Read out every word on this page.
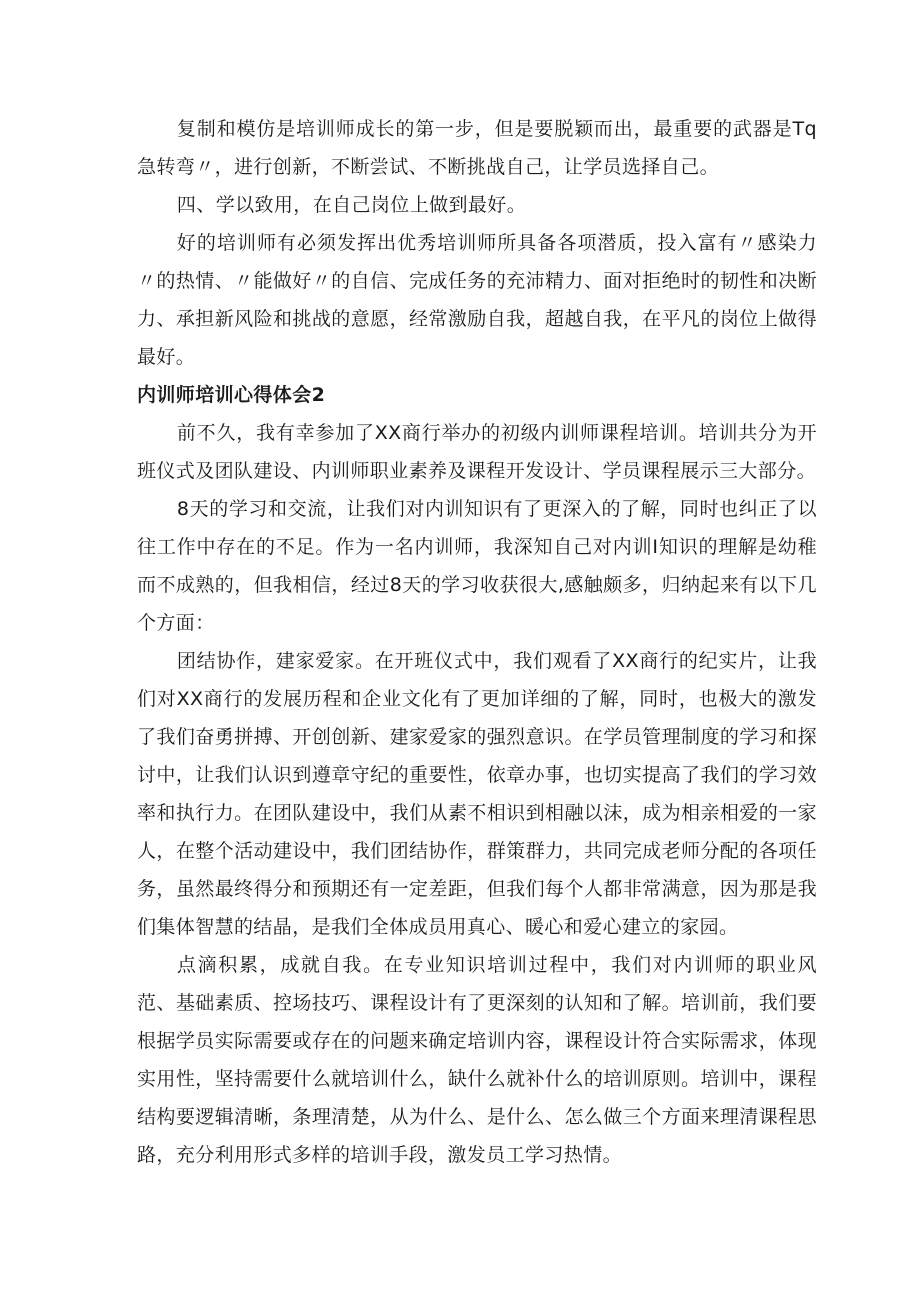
复制和模仿是培训师成长的第一步，但是要脱颖而出，最重要的武器是Tq急转弯〃，进行创新，不断尝试、不断挑战自己，让学员选择自己。

四、学以致用，在自己岗位上做到最好。

好的培训师有必须发挥出优秀培训师所具备各项潜质，投入富有〃感染力〃的热情、〃能做好〃的自信、完成任务的充沛精力、面对拒绝时的韧性和决断力、承担新风险和挑战的意愿，经常激励自我，超越自我，在平凡的岗位上做得最好。

内训师培训心得体会2

前不久，我有幸参加了XX商行举办的初级内训师课程培训。培训共分为开班仪式及团队建设、内训师职业素养及课程开发设计、学员课程展示三大部分。

8天的学习和交流，让我们对内训知识有了更深入的了解，同时也纠正了以往工作中存在的不足。作为一名内训师，我深知自己对内训I知识的理解是幼稚而不成熟的，但我相信，经过8天的学习收获很大,感触颇多，归纳起来有以下几个方面：

团结协作，建家爱家。在开班仪式中，我们观看了XX商行的纪实片，让我们对XX商行的发展历程和企业文化有了更加详细的了解，同时，也极大的激发了我们奋勇拼搏、开创创新、建家爱家的强烈意识。在学员管理制度的学习和探讨中，让我们认识到遵章守纪的重要性，依章办事，也切实提高了我们的学习效率和执行力。在团队建设中，我们从素不相识到相融以沫，成为相亲相爱的一家人，在整个活动建设中，我们团结协作，群策群力，共同完成老师分配的各项任务，虽然最终得分和预期还有一定差距，但我们每个人都非常满意，因为那是我们集体智慧的结晶，是我们全体成员用真心、暖心和爱心建立的家园。

点滴积累，成就自我。在专业知识培训过程中，我们对内训师的职业风范、基础素质、控场技巧、课程设计有了更深刻的认知和了解。培训前，我们要根据学员实际需要或存在的问题来确定培训内容，课程设计符合实际需求，体现实用性，坚持需要什么就培训什么，缺什么就补什么的培训原则。培训中，课程结构要逻辑清晰，条理清楚，从为什么、是什么、怎么做三个方面来理清课程思路，充分利用形式多样的培训手段，激发员工学习热情。
